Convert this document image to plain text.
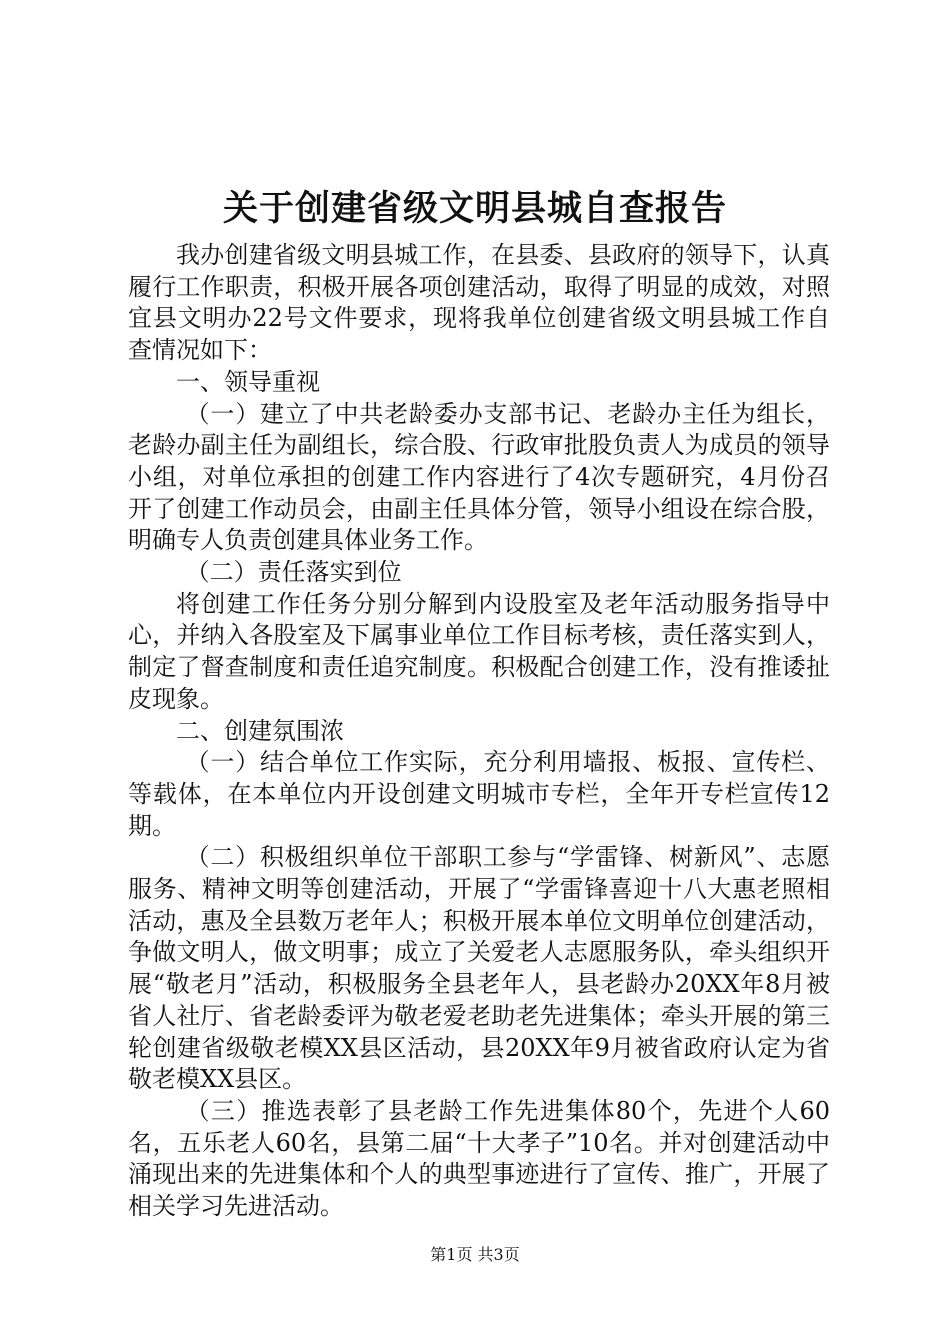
关于创建省级文明县城自查报告

我办创建省级文明县城工作，在县委、县政府的领导下，认真履行工作职责，积极开展各项创建活动，取得了明显的成效，对照宜县文明办22号文件要求，现将我单位创建省级文明县城工作自查情况如下：

一、领导重视

（一）建立了中共老龄委办支部书记、老龄办主任为组长，老龄办副主任为副组长，综合股、行政审批股负责人为成员的领导小组，对单位承担的创建工作内容进行了4次专题研究，4月份召开了创建工作动员会，由副主任具体分管，领导小组设在综合股，明确专人负责创建具体业务工作。

（二）责任落实到位

将创建工作任务分别分解到内设股室及老年活动服务指导中心，并纳入各股室及下属事业单位工作目标考核，责任落实到人，制定了督查制度和责任追究制度。积极配合创建工作，没有推诿扯皮现象。

二、创建氛围浓

（一）结合单位工作实际，充分利用墙报、板报、宣传栏、等载体，在本单位内开设创建文明城市专栏，全年开专栏宣传12期。

（二）积极组织单位干部职工参与“学雷锋、树新风”、志愿服务、精神文明等创建活动，开展了“学雷锋喜迎十八大惠老照相活动，惠及全县数万老年人；积极开展本单位文明单位创建活动，争做文明人，做文明事；成立了关爱老人志愿服务队，牵头组织开展“敬老月”活动，积极服务全县老年人，县老龄办20XX年8月被省人社厅、省老龄委评为敬老爱老助老先进集体；牵头开展的第三轮创建省级敬老模XX县区活动，县20XX年9月被省政府认定为省敬老模XX县区。

（三）推选表彰了县老龄工作先进集体80个，先进个人60名，五乐老人60名，县第二届“十大孝子”10名。并对创建活动中涌现出来的先进集体和个人的典型事迹进行了宣传、推广，开展了相关学习先进活动。

第1页 共3页
